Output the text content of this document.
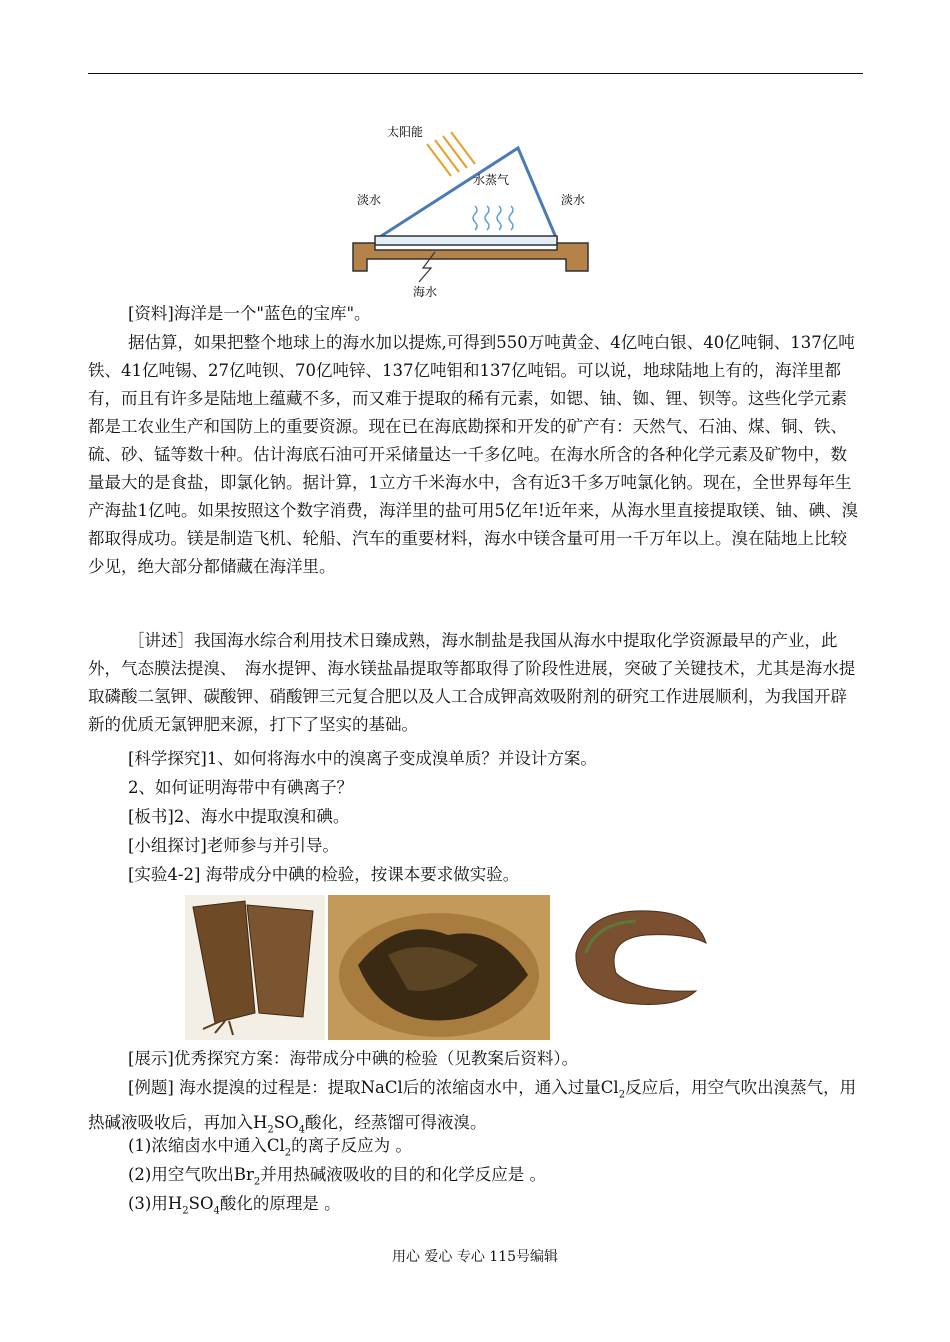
太阳能
淡水	淡水
水蒸气
海水

[资料]海洋是一个"蓝色的宝库"。

据估算，如果把整个地球上的海水加以提炼,可得到550万吨黄金、4亿吨白银、40亿吨铜、137亿吨铁、41亿吨锡、27亿吨钡、70亿吨锌、137亿吨钼和137亿吨铝。可以说，地球陆地上有的，海洋里都有，而且有许多是陆地上蕴藏不多，而又难于提取的稀有元素，如锶、铀、铷、锂、钡等。这些化学元素都是工农业生产和国防上的重要资源。现在已在海底勘探和开发的矿产有：天然气、石油、煤、铜、铁、硫、砂、锰等数十种。估计海底石油可开采储量达一千多亿吨。在海水所含的各种化学元素及矿物中，数量最大的是食盐，即氯化钠。据计算，1立方千米海水中，含有近3千多万吨氯化钠。现在，全世界每年生产海盐1亿吨。如果按照这个数字消费，海洋里的盐可用5亿年!近年来，从海水里直接提取镁、铀、碘、溴都取得成功。镁是制造飞机、轮船、汽车的重要材料，海水中镁含量可用一千万年以上。溴在陆地上比较少见，绝大部分都储藏在海洋里。

［讲述］我国海水综合利用技术日臻成熟，海水制盐是我国从海水中提取化学资源最早的产业，此外，气态膜法提溴、　海水提钾、海水镁盐晶提取等都取得了阶段性进展，突破了关键技术，尤其是海水提取磷酸二氢钾、碳酸钾、硝酸钾三元复合肥以及人工合成钾高效吸附剂的研究工作进展顺利，为我国开辟新的优质无氯钾肥来源，打下了坚实的基础。

[科学探究]1、如何将海水中的溴离子变成溴单质？并设计方案。
2、如何证明海带中有碘离子？
[板书]2、海水中提取溴和碘。
[小组探讨]老师参与并引导。
[实验4-2] 海带成分中碘的检验，按课本要求做实验。
[展示]优秀探究方案：海带成分中碘的检验（见教案后资料）。

[例题] 海水提溴的过程是：提取NaCl后的浓缩卤水中，通入过量$Cl_2$反应后，用空气吹出溴蒸气，用热碱液吸收后，再加入$H_2SO_4$酸化，经蒸馏可得液溴。

(1)浓缩卤水中通入$Cl_2$的离子反应为 。
(2)用空气吹出$Br_2$并用热碱液吸收的目的和化学反应是 。
(3)用$H_2SO_4$酸化的原理是 。
用心 爱心 专心 115号编辑
